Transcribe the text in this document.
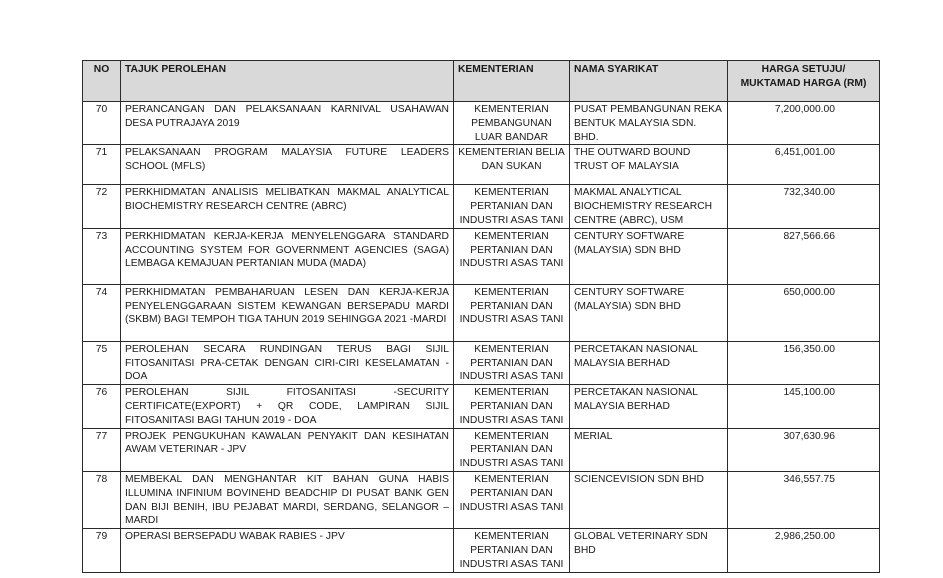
NO	TAJUK PEROLEHAN	KEMENTERIAN	NAMA SYARIKAT	HARGA SETUJU/ MUKTAMAD HARGA (RM)
70	PERANCANGAN DAN PELAKSANAAN KARNIVAL USAHAWAN DESA PUTRAJAYA 2019	KEMENTERIAN PEMBANGUNAN LUAR BANDAR	PUSAT PEMBANGUNAN REKA BENTUK MALAYSIA SDN. BHD.	7,200,000.00
71	PELAKSANAAN PROGRAM MALAYSIA FUTURE LEADERS SCHOOL (MFLS)	KEMENTERIAN BELIA DAN SUKAN	THE OUTWARD BOUND TRUST OF MALAYSIA	6,451,001.00
72	PERKHIDMATAN ANALISIS MELIBATKAN MAKMAL ANALYTICAL BIOCHEMISTRY RESEARCH CENTRE (ABRC)	KEMENTERIAN PERTANIAN DAN INDUSTRI ASAS TANI	MAKMAL ANALYTICAL BIOCHEMISTRY RESEARCH CENTRE (ABRC), USM	732,340.00
73	PERKHIDMATAN KERJA-KERJA MENYELENGGARA STANDARD ACCOUNTING SYSTEM FOR GOVERNMENT AGENCIES (SAGA) LEMBAGA KEMAJUAN PERTANIAN MUDA (MADA)	KEMENTERIAN PERTANIAN DAN INDUSTRI ASAS TANI	CENTURY SOFTWARE (MALAYSIA) SDN BHD	827,566.66
74	PERKHIDMATAN PEMBAHARUAN LESEN DAN KERJA-KERJA PENYELENGGARAAN SISTEM KEWANGAN BERSEPADU MARDI (SKBM) BAGI TEMPOH TIGA TAHUN 2019 SEHINGGA 2021 -MARDI	KEMENTERIAN PERTANIAN DAN INDUSTRI ASAS TANI	CENTURY SOFTWARE (MALAYSIA) SDN BHD	650,000.00
75	PEROLEHAN SECARA RUNDINGAN TERUS BAGI SIJIL FITOSANITASI PRA-CETAK DENGAN CIRI-CIRI KESELAMATAN -DOA	KEMENTERIAN PERTANIAN DAN INDUSTRI ASAS TANI	PERCETAKAN NASIONAL MALAYSIA BERHAD	156,350.00
76	PEROLEHAN SIJIL FITOSANITASI -SECURITY CERTIFICATE(EXPORT) + QR CODE, LAMPIRAN SIJIL FITOSANITASI BAGI TAHUN 2019 - DOA	KEMENTERIAN PERTANIAN DAN INDUSTRI ASAS TANI	PERCETAKAN NASIONAL MALAYSIA BERHAD	145,100.00
77	PROJEK PENGUKUHAN KAWALAN PENYAKIT DAN KESIHATAN AWAM VETERINAR - JPV	KEMENTERIAN PERTANIAN DAN INDUSTRI ASAS TANI	MERIAL	307,630.96
78	MEMBEKAL DAN MENGHANTAR KIT BAHAN GUNA HABIS ILLUMINA INFINIUM BOVINEHD BEADCHIP DI PUSAT BANK GEN DAN BIJI BENIH, IBU PEJABAT MARDI, SERDANG, SELANGOR – MARDI	KEMENTERIAN PERTANIAN DAN INDUSTRI ASAS TANI	SCIENCEVISION SDN BHD	346,557.75
79	OPERASI BERSEPADU WABAK RABIES - JPV	KEMENTERIAN PERTANIAN DAN INDUSTRI ASAS TANI	GLOBAL VETERINARY SDN BHD	2,986,250.00
